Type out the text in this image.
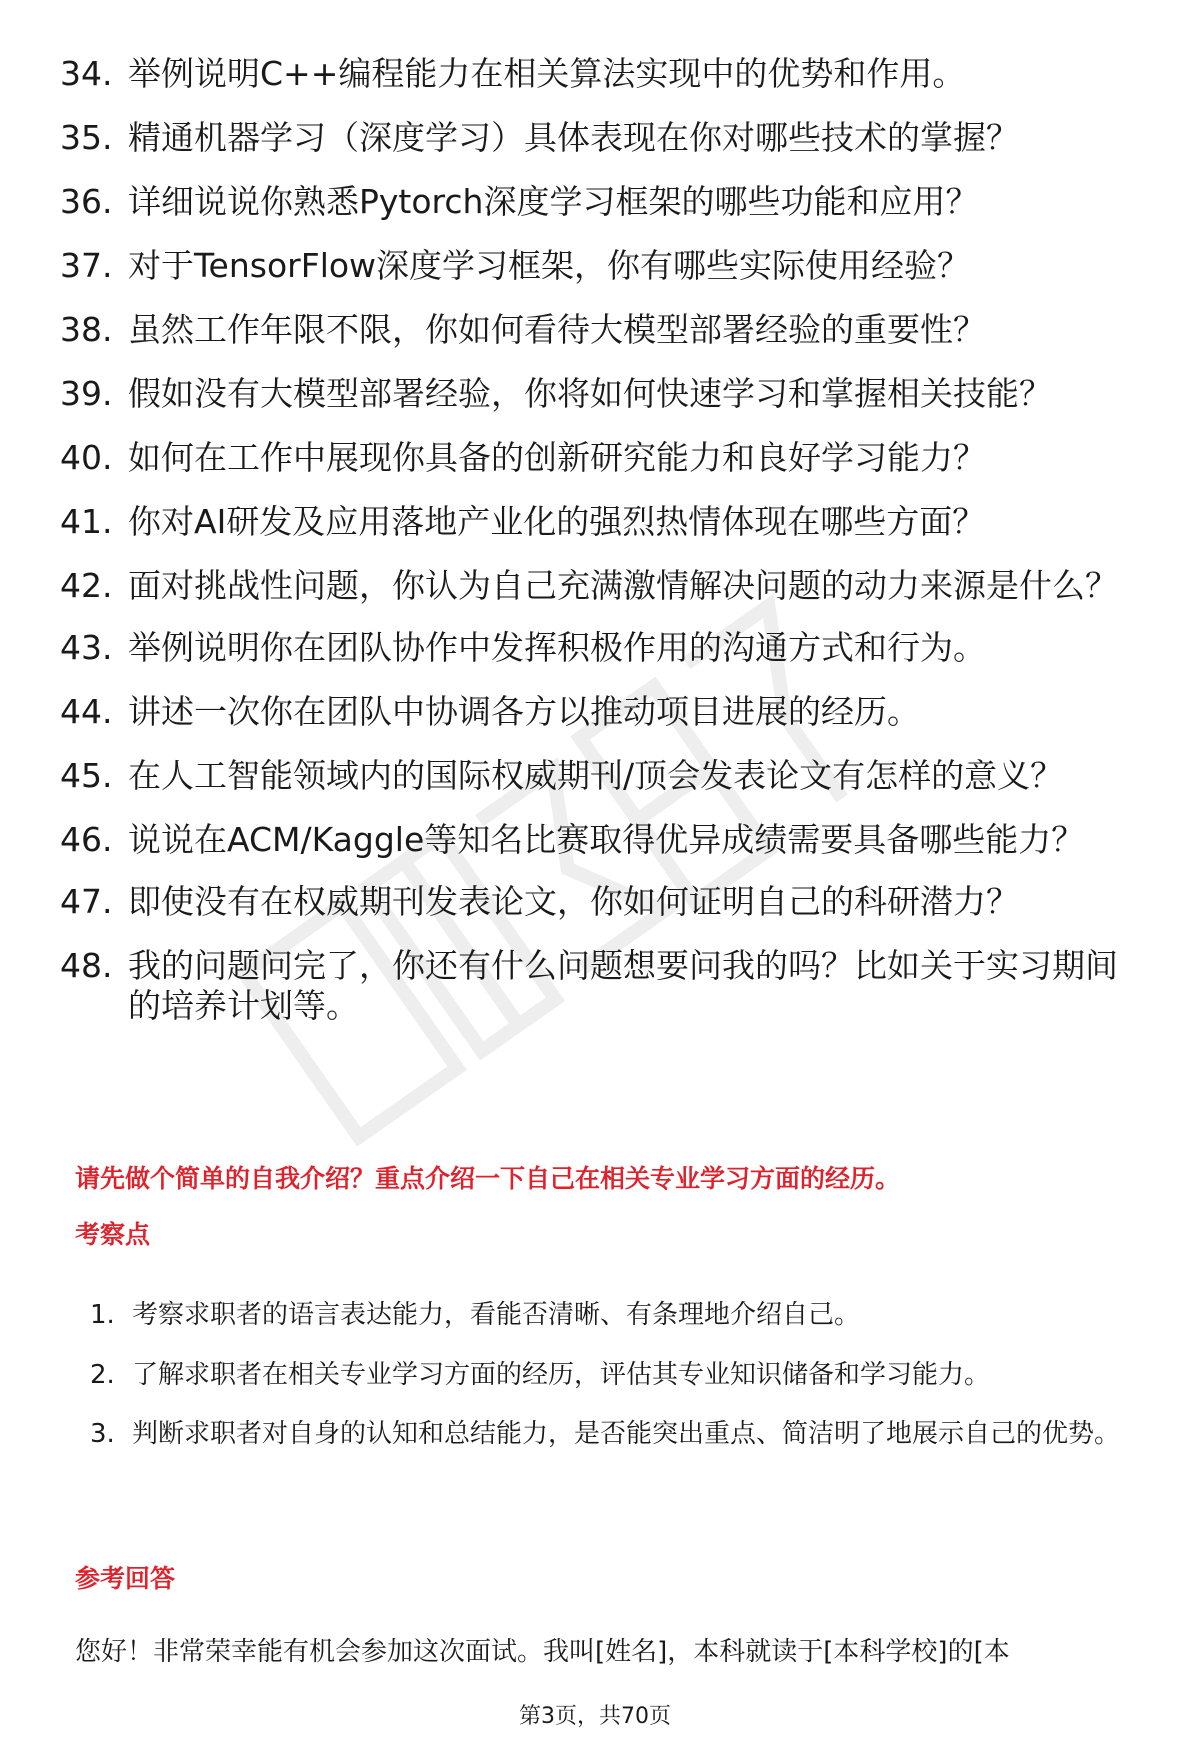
34. 举例说明C++编程能力在相关算法实现中的优势和作用。
35. 精通机器学习（深度学习）具体表现在你对哪些技术的掌握？
36. 详细说说你熟悉Pytorch深度学习框架的哪些功能和应用？
37. 对于TensorFlow深度学习框架，你有哪些实际使用经验？
38. 虽然工作年限不限，你如何看待大模型部署经验的重要性？
39. 假如没有大模型部署经验，你将如何快速学习和掌握相关技能？
40. 如何在工作中展现你具备的创新研究能力和良好学习能力？
41. 你对AI研发及应用落地产业化的强烈热情体现在哪些方面？
42. 面对挑战性问题，你认为自己充满激情解决问题的动力来源是什么？
43. 举例说明你在团队协作中发挥积极作用的沟通方式和行为。
44. 讲述一次你在团队中协调各方以推动项目进展的经历。
45. 在人工智能领域内的国际权威期刊/顶会发表论文有怎样的意义？
46. 说说在ACM/Kaggle等知名比赛取得优异成绩需要具备哪些能力？
47. 即使没有在权威期刊发表论文，你如何证明自己的科研潜力？
48. 我的问题问完了，你还有什么问题想要问我的吗？比如关于实习期间的培养计划等。
请先做个简单的自我介绍？重点介绍一下自己在相关专业学习方面的经历。
考察点
1. 考察求职者的语言表达能力，看能否清晰、有条理地介绍自己。
2. 了解求职者在相关专业学习方面的经历，评估其专业知识储备和学习能力。
3. 判断求职者对自身的认知和总结能力，是否能突出重点、简洁明了地展示自己的优势。
参考回答
您好！非常荣幸能有机会参加这次面试。我叫[姓名]，本科就读于[本科学校]的[本
第3页，共70页
